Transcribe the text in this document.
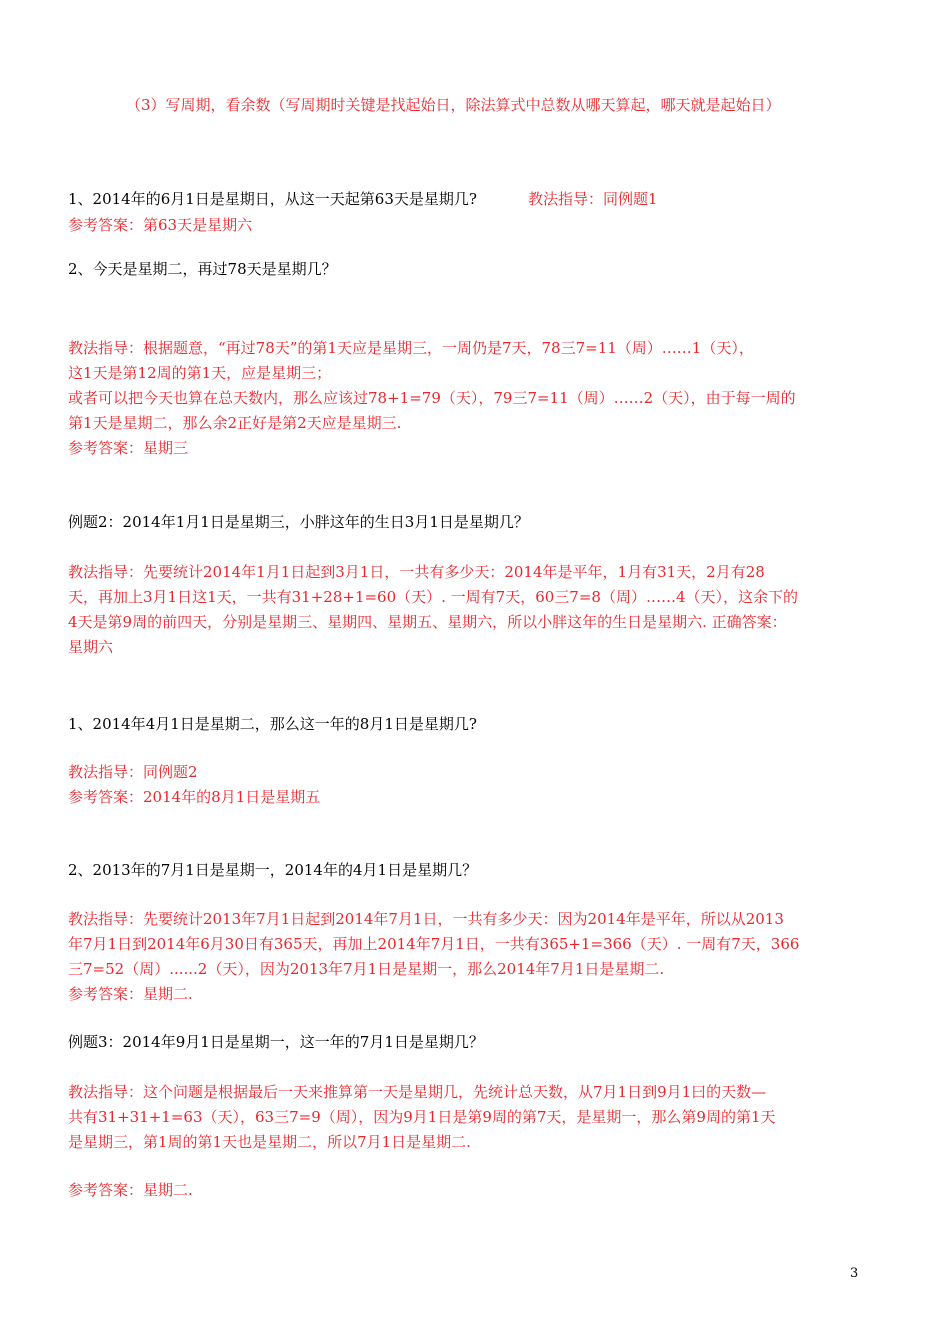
（3）写周期，看余数（写周期时关键是找起始日，除法算式中总数从哪天算起，哪天就是起始日）
1、2014年的6月1日是星期日，从这一天起第63天是星期几?	教法指导：同例题1
参考答案：第63天是星期六
2、今天是星期二，再过78天是星期几？
教法指导：根据题意，“再过78天”的第1天应是星期三，一周仍是7天，78三7=11（周）……1（天），
这1天是第12周的第1天，应是星期三；
或者可以把今天也算在总天数内，那么应该过78+1=79（天），79三7=11（周）……2（天），由于每一周的
第1天是星期二，那么余2正好是第2天应是星期三.
参考答案：星期三
例题2：2014年1月1日是星期三，小胖这年的生日3月1日是星期几？
教法指导：先要统计2014年1月1日起到3月1日，一共有多少天：2014年是平年，1月有31天，2月有28
天，再加上3月1日这1天，一共有31+28+1=60（天）. 一周有7天，60三7=8（周）……4（天），这余下的
4天是第9周的前四天，分别是星期三、星期四、星期五、星期六，所以小胖这年的生日是星期六. 正确答案：
星期六
1、2014年4月1日是星期二，那么这一年的8月1日是星期几?
教法指导：同例题2
参考答案：2014年的8月1日是星期五
2、2013年的7月1日是星期一，2014年的4月1日是星期几？
教法指导：先要统计2013年7月1日起到2014年7月1日，一共有多少天：因为2014年是平年，所以从2013
年7月1日到2014年6月30日有365天，再加上2014年7月1日，一共有365+1=366（天）. 一周有7天，366
三7=52（周）......2（天），因为2013年7月1日是星期一，那么2014年7月1日是星期二.
参考答案：星期二.
例题3：2014年9月1日是星期一，这一年的7月1日是星期几？
教法指导：这个问题是根据最后一天来推算第一天是星期几，先统计总天数，从7月1日到9月1曰的天数—
共有31+31+1=63（天），63三7=9（周），因为9月1日是第9周的第7天，是星期一，那么第9周的第1天
是星期三，第1周的第1天也是星期二，所以7月1日是星期二.
参考答案：星期二.
3
